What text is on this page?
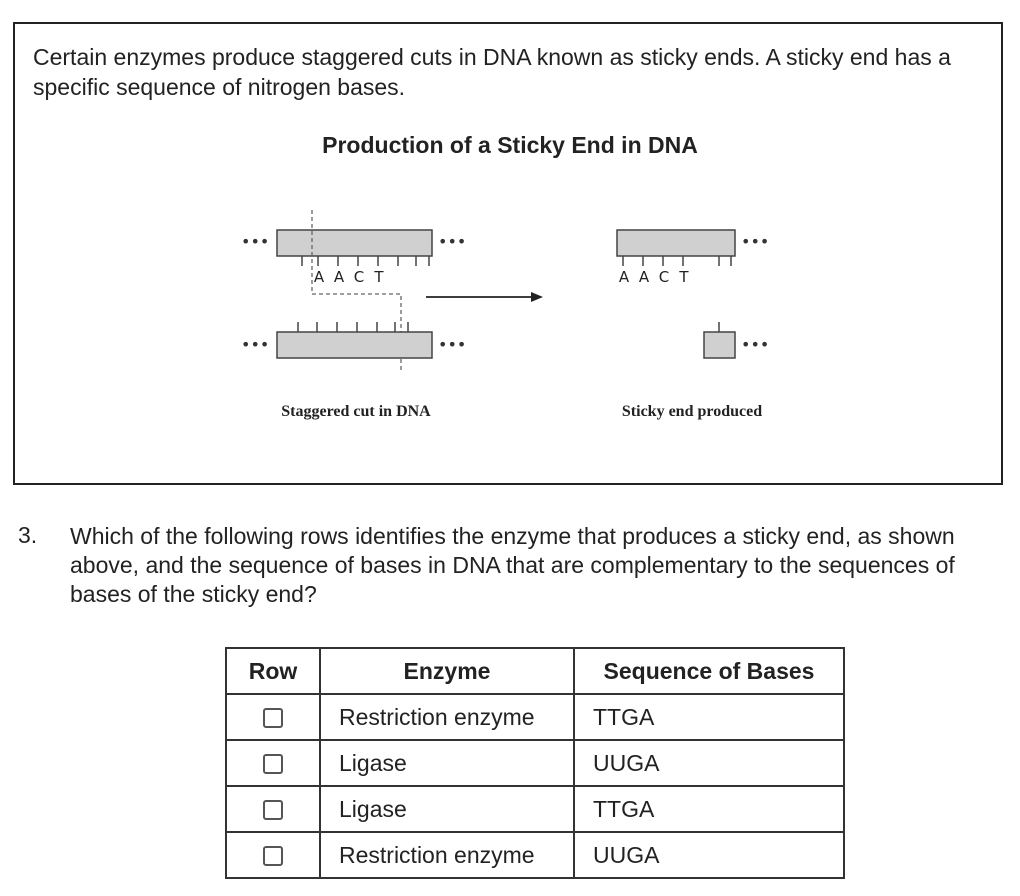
Certain enzymes produce staggered cuts in DNA known as sticky ends. A sticky end has a specific sequence of nitrogen bases.

Production of a Sticky End in DNA

•••	•••
A A C T
•••	•••
•••
A A C T
•••
Staggered cut in DNA	Sticky end produced
3. Which of the following rows identifies the enzyme that produces a sticky end, as shown above, and the sequence of bases in DNA that are complementary to the sequences of bases of the sticky end?

Row	Enzyme	Sequence of Bases
	Restriction enzyme	TTGA
	Ligase	UUGA
	Ligase	TTGA
	Restriction enzyme	UUGA
